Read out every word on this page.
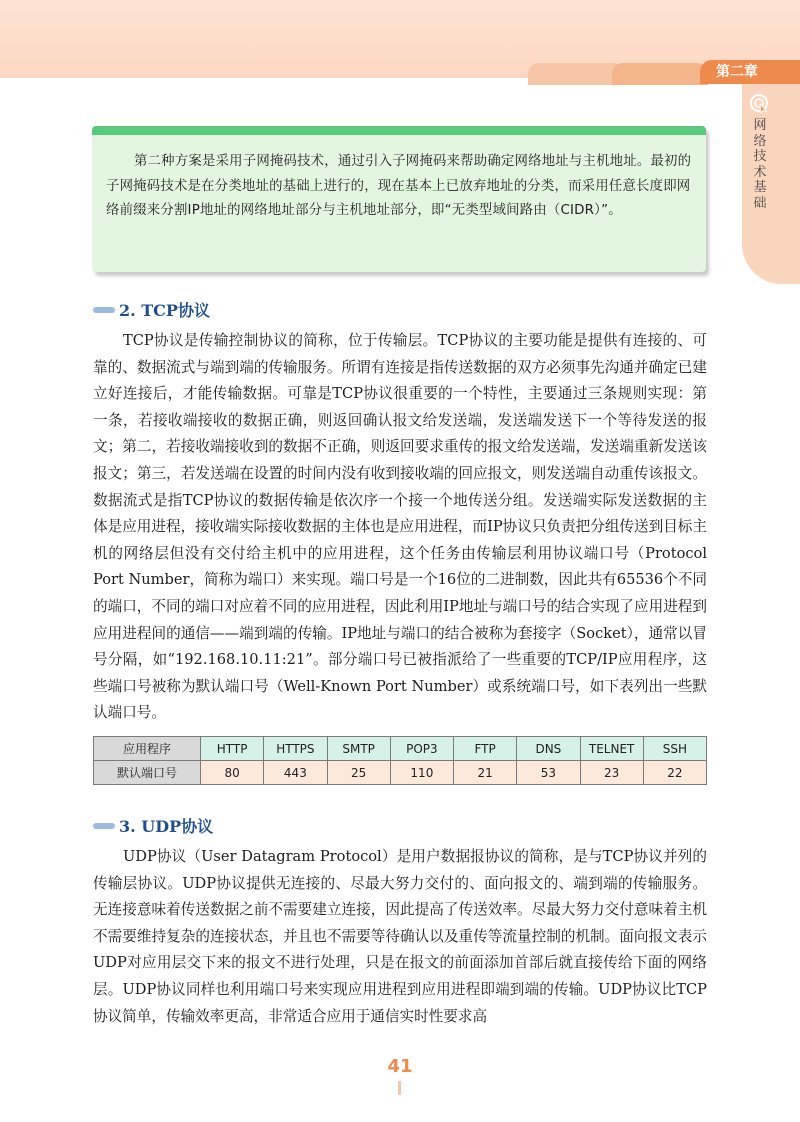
第二章
网络技术基础
第二种方案是采用子网掩码技术，通过引入子网掩码来帮助确定网络地址与主机地址。最初的子网掩码技术是在分类地址的基础上进行的，现在基本上已放弃地址的分类，而采用任意长度即网络前缀来分割IP地址的网络地址部分与主机地址部分，即“无类型域间路由（CIDR）”。
2. TCP协议
TCP协议是传输控制协议的简称，位于传输层。TCP协议的主要功能是提供有连接的、可靠的、数据流式与端到端的传输服务。所谓有连接是指传送数据的双方必须事先沟通并确定已建立好连接后，才能传输数据。可靠是TCP协议很重要的一个特性，主要通过三条规则实现：第一条，若接收端接收的数据正确，则返回确认报文给发送端，发送端发送下一个等待发送的报文；第二，若接收端接收到的数据不正确，则返回要求重传的报文给发送端，发送端重新发送该报文；第三，若发送端在设置的时间内没有收到接收端的回应报文，则发送端自动重传该报文。数据流式是指TCP协议的数据传输是依次序一个接一个地传送分组。发送端实际发送数据的主体是应用进程，接收端实际接收数据的主体也是应用进程，而IP协议只负责把分组传送到目标主机的网络层但没有交付给主机中的应用进程，这个任务由传输层利用协议端口号（Protocol Port Number，简称为端口）来实现。端口号是一个16位的二进制数，因此共有65536个不同的端口，不同的端口对应着不同的应用进程，因此利用IP地址与端口号的结合实现了应用进程到应用进程间的通信——端到端的传输。IP地址与端口的结合被称为套接字（Socket），通常以冒号分隔，如“192.168.10.11:21”。部分端口号已被指派给了一些重要的TCP/IP应用程序，这些端口号被称为默认端口号（Well-Known Port Number）或系统端口号，如下表列出一些默认端口号。
应用程序	HTTP	HTTPS	SMTP	POP3	FTP	DNS	TELNET	SSH
默认端口号	80	443	25	110	21	53	23	22
3. UDP协议
UDP协议（User Datagram Protocol）是用户数据报协议的简称，是与TCP协议并列的传输层协议。UDP协议提供无连接的、尽最大努力交付的、面向报文的、端到端的传输服务。无连接意味着传送数据之前不需要建立连接，因此提高了传送效率。尽最大努力交付意味着主机不需要维持复杂的连接状态，并且也不需要等待确认以及重传等流量控制的机制。面向报文表示UDP对应用层交下来的报文不进行处理，只是在报文的前面添加首部后就直接传给下面的网络层。UDP协议同样也利用端口号来实现应用进程到应用进程即端到端的传输。UDP协议比TCP协议简单，传输效率更高，非常适合应用于通信实时性要求高
41
